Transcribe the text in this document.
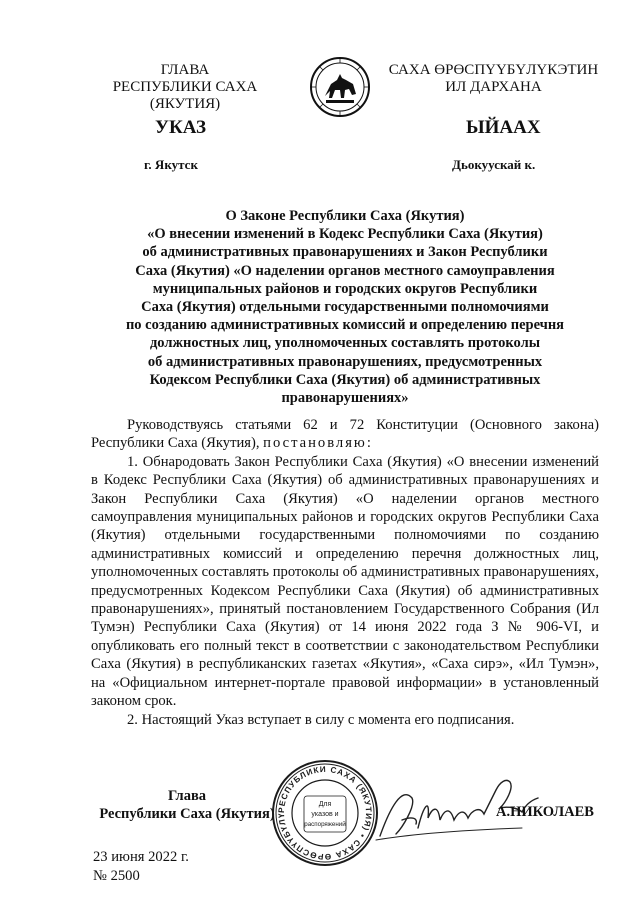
ГЛАВА
РЕСПУБЛИКИ САХА (ЯКУТИЯ)
САХА ӨРӨСПҮҮБҮЛҮКЭТИН
ИЛ ДАРХАНА
УКАЗ	ЫЙААХ
г. Якутск	Дьокуускай к.
О Законе Республики Саха (Якутия)
«О внесении изменений в Кодекс Республики Саха (Якутия)
об административных правонарушениях и Закон Республики
Саха (Якутия) «О наделении органов местного самоуправления
муниципальных районов и городских округов Республики
Саха (Якутия) отдельными государственными полномочиями
по созданию административных комиссий и определению перечня
должностных лиц, уполномоченных составлять протоколы
об административных правонарушениях, предусмотренных
Кодексом Республики Саха (Якутия) об административных
правонарушениях»

Руководствуясь статьями 62 и 72 Конституции (Основного закона) Республики Саха (Якутия), постановляю:

1. Обнародовать Закон Республики Саха (Якутия) «О внесении изменений в Кодекс Республики Саха (Якутия) об административных правонарушениях и Закон Республики Саха (Якутия) «О наделении органов местного самоуправления муниципальных районов и городских округов Республики Саха (Якутия) отдельными государственными полномочиями по созданию административных комиссий и определению перечня должностных лиц, уполномоченных составлять протоколы об административных правонарушениях, предусмотренных Кодексом Республики Саха (Якутия) об административных правонарушениях», принятый постановлением Государственного Собрания (Ил Тумэн) Республики Саха (Якутия) от 14 июня 2022 года З № 906-VI, и опубликовать его полный текст в соответствии с законодательством Республики Саха (Якутия) в республиканских газетах «Якутия», «Саха сирэ», «Ил Тумэн», на «Официальном интернет-портале правовой информации» в установленный законом срок.

2. Настоящий Указ вступает в силу с момента его подписания.

Глава
Республики Саха (Якутия) РЕСПУБЛИКИ САХА (ЯКУТИЯ) • САХА ӨРӨСПҮҮБҮЛҮ
Для
указов и
распоряжений
А.НИКОЛАЕВ
23 июня 2022 г.
№ 2500
